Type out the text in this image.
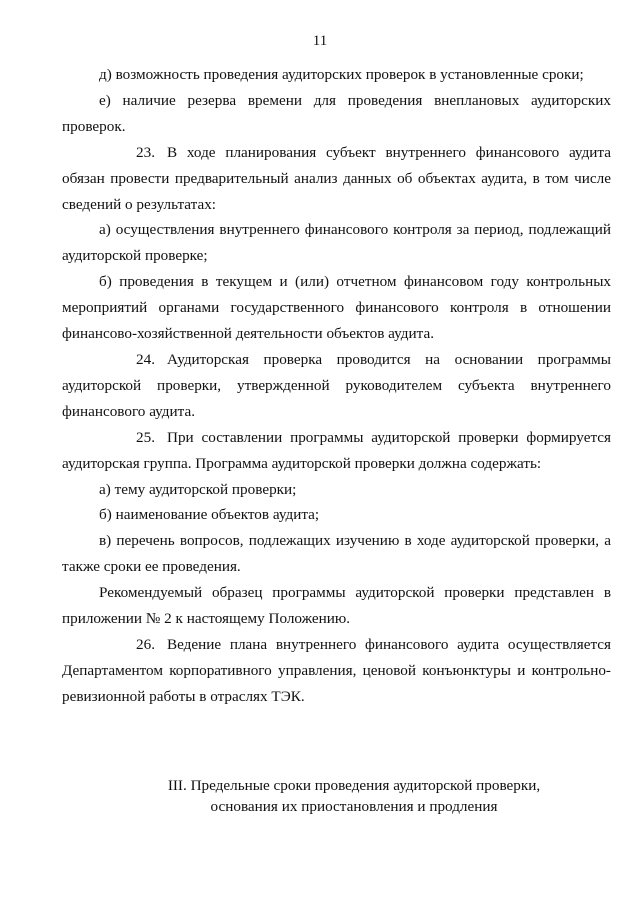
11

д) возможность проведения аудиторских проверок в установленные сроки;

е) наличие резерва времени для проведения внеплановых аудиторских проверок.

23. В ходе планирования субъект внутреннего финансового аудита обязан провести предварительный анализ данных об объектах аудита, в том числе сведений о результатах:

а) осуществления внутреннего финансового контроля за период, подлежащий аудиторской проверке;

б) проведения в текущем и (или) отчетном финансовом году контрольных мероприятий органами государственного финансового контроля в отношении финансово-хозяйственной деятельности объектов аудита.

24. Аудиторская проверка проводится на основании программы аудиторской проверки, утвержденной руководителем субъекта внутреннего финансового аудита.

25. При составлении программы аудиторской проверки формируется аудиторская группа. Программа аудиторской проверки должна содержать:

а) тему аудиторской проверки;

б) наименование объектов аудита;

в) перечень вопросов, подлежащих изучению в ходе аудиторской проверки, а также сроки ее проведения.

Рекомендуемый образец программы аудиторской проверки представлен в приложении № 2 к настоящему Положению.

26. Ведение плана внутреннего финансового аудита осуществляется Департаментом корпоративного управления, ценовой конъюнктуры и контрольно-ревизионной работы в отраслях ТЭК.

III. Предельные сроки проведения аудиторской проверки,
основания их приостановления и продления
